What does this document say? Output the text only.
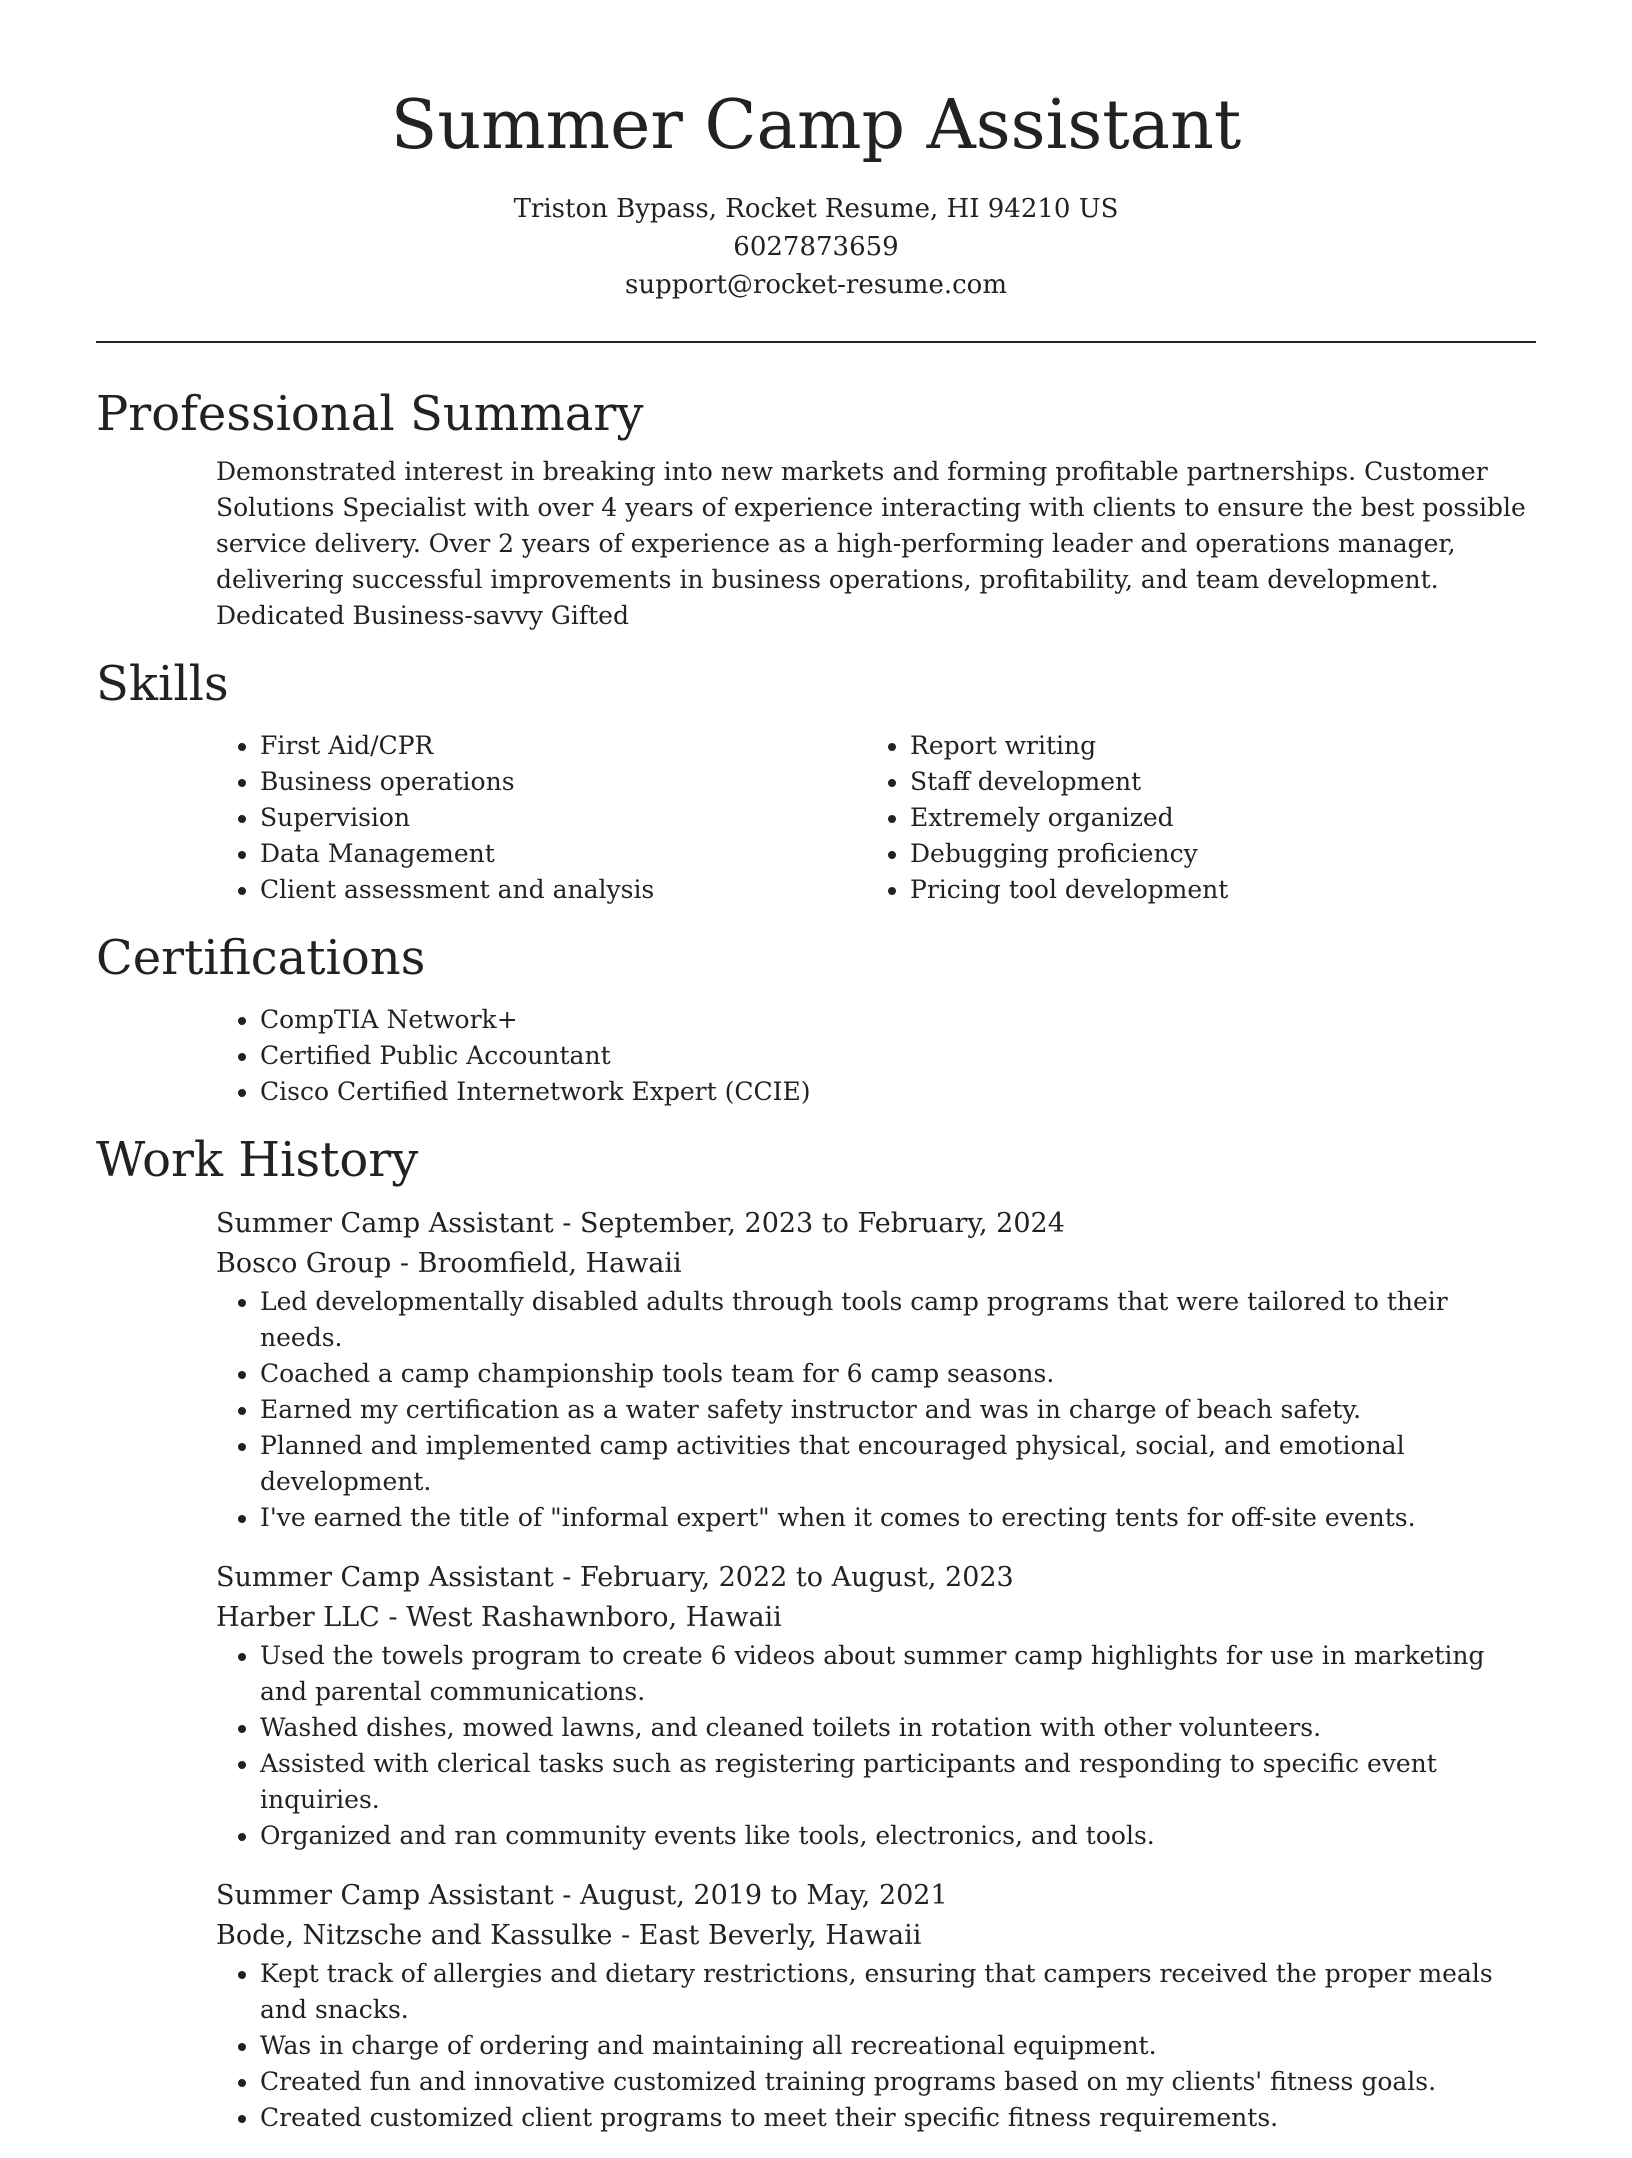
Summer Camp Assistant

Triston Bypass, Rocket Resume, HI 94210 US

6027873659

support@rocket-resume.com

Professional Summary

Demonstrated interest in breaking into new markets and forming profitable partnerships. Customer Solutions Specialist with over 4 years of experience interacting with clients to ensure the best possible service delivery. Over 2 years of experience as a high-performing leader and operations manager, delivering successful improvements in business operations, profitability, and team development. Dedicated Business-savvy Gifted

Skills
• First Aid/CPR
• Business operations
• Supervision
• Data Management
• Client assessment and analysis
• Report writing
• Staff development
• Extremely organized
• Debugging proficiency
• Pricing tool development
Certifications
• CompTIA Network+
• Certified Public Accountant
• Cisco Certified Internetwork Expert (CCIE)
Work History

Summer Camp Assistant - September, 2023 to February, 2024

Bosco Group - Broomfield, Hawaii

• Led developmentally disabled adults through tools camp programs that were tailored to their needs.
• Coached a camp championship tools team for 6 camp seasons.
• Earned my certification as a water safety instructor and was in charge of beach safety.
• Planned and implemented camp activities that encouraged physical, social, and emotional development.
• I've earned the title of "informal expert" when it comes to erecting tents for off-site events.

Summer Camp Assistant - February, 2022 to August, 2023

Harber LLC - West Rashawnboro, Hawaii

• Used the towels program to create 6 videos about summer camp highlights for use in marketing and parental communications.
• Washed dishes, mowed lawns, and cleaned toilets in rotation with other volunteers.
• Assisted with clerical tasks such as registering participants and responding to specific event inquiries.
• Organized and ran community events like tools, electronics, and tools.

Summer Camp Assistant - August, 2019 to May, 2021

Bode, Nitzsche and Kassulke - East Beverly, Hawaii

• Kept track of allergies and dietary restrictions, ensuring that campers received the proper meals and snacks.
• Was in charge of ordering and maintaining all recreational equipment.
• Created fun and innovative customized training programs based on my clients' fitness goals.
• Created customized client programs to meet their specific fitness requirements.
